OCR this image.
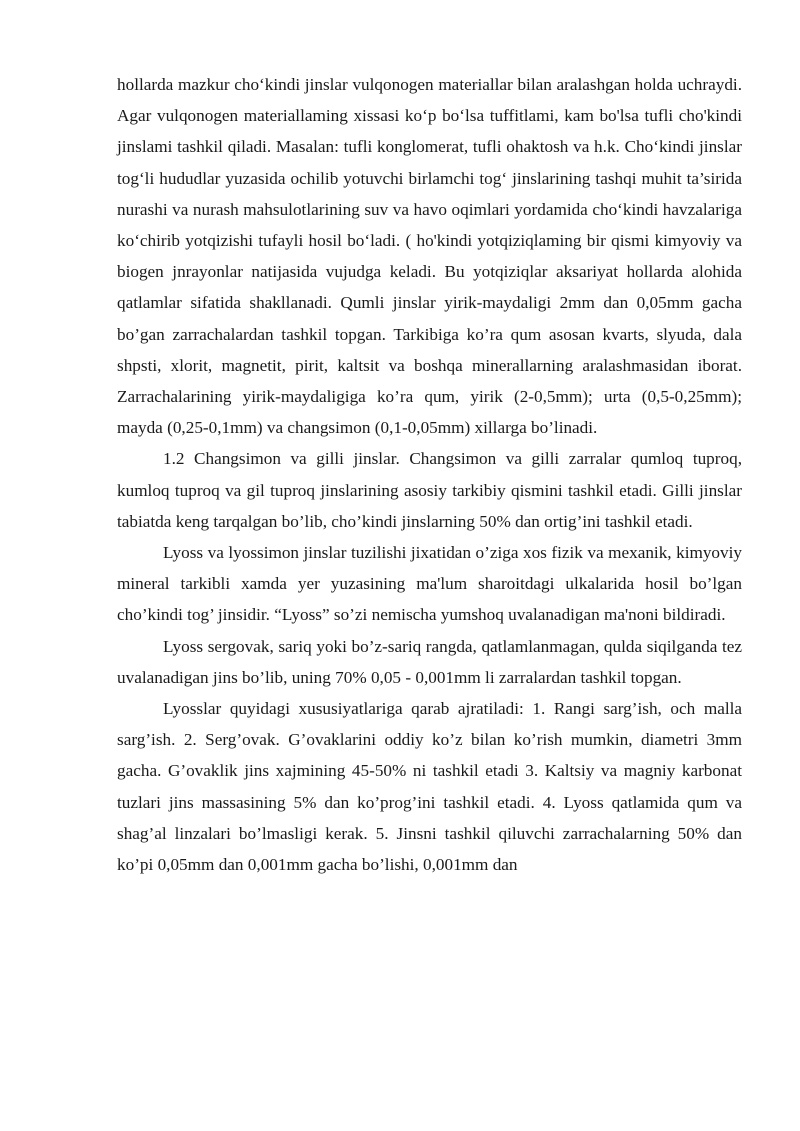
hollarda mazkur cho‘kindi jinslar vulqonogen materiallar bilan aralashgan holda uchraydi. Agar vulqonogen materiallaming xissasi ko‘p bo‘lsa tuffitlami, kam bo'lsa tufli cho'kindi jinslami tashkil qiladi. Masalan: tufli konglomerat, tufli ohaktosh va h.k. Cho‘kindi jinslar tog‘li hududlar yuzasida ochilib yotuvchi birlamchi tog‘ jinslarining tashqi muhit ta’sirida nurashi va nurash mahsulotlarining suv va havo oqimlari yordamida cho‘kindi havzalariga ko‘chirib yotqizishi tufayli hosil bo‘ladi. ( ho'kindi yotqiziqlaming bir qismi kimyoviy va biogen jnrayonlar natijasida vujudga keladi. Bu yotqiziqlar aksariyat hollarda alohida qatlamlar sifatida shakllanadi. Qumli jinslar yirik-maydaligi 2mm dan 0,05mm gacha bo’gan zarrachalardan tashkil topgan. Tarkibiga ko’ra qum asosan kvarts, slyuda, dala shpsti, xlorit, magnetit, pirit, kaltsit va boshqa minerallarning aralashmasidan iborat. Zarrachalarining yirik-maydaligiga ko’ra qum, yirik (2-0,5mm); urta (0,5-0,25mm); mayda (0,25-0,1mm) va changsimon (0,1-0,05mm) xillarga bo’linadi.

1.2 Changsimon va gilli jinslar. Changsimon va gilli zarralar qumloq tuproq, kumloq tuproq va gil tuproq jinslarining asosiy tarkibiy qismini tashkil etadi. Gilli jinslar tabiatda keng tarqalgan bo’lib, cho’kindi jinslarning 50% dan ortig’ini tashkil etadi.

Lyoss va lyossimon jinslar tuzilishi jixatidan o’ziga xos fizik va mexanik, kimyoviy mineral tarkibli xamda yer yuzasining ma'lum sharoitdagi ulkalarida hosil bo’lgan cho’kindi tog’ jinsidir. “Lyoss” so’zi nemischa yumshoq uvalanadigan ma'noni bildiradi.

Lyoss sergovak, sariq yoki bo’z-sariq rangda, qatlamlanmagan, qulda siqilganda tez uvalanadigan jins bo’lib, uning 70% 0,05 - 0,001mm li zarralardan tashkil topgan.

Lyosslar quyidagi xususiyatlariga qarab ajratiladi: 1. Rangi sarg’ish, och malla sarg’ish. 2. Serg’ovak. G’ovaklarini oddiy ko’z bilan ko’rish mumkin, diametri 3mm gacha. G’ovaklik jins xajmining 45-50% ni tashkil etadi 3. Kaltsiy va magniy karbonat tuzlari jins massasining 5% dan ko’prog’ini tashkil etadi. 4. Lyoss qatlamida qum va shag’al linzalari bo’lmasligi kerak. 5. Jinsni tashkil qiluvchi zarrachalarning 50% dan ko’pi 0,05mm dan 0,001mm gacha bo’lishi, 0,001mm dan
